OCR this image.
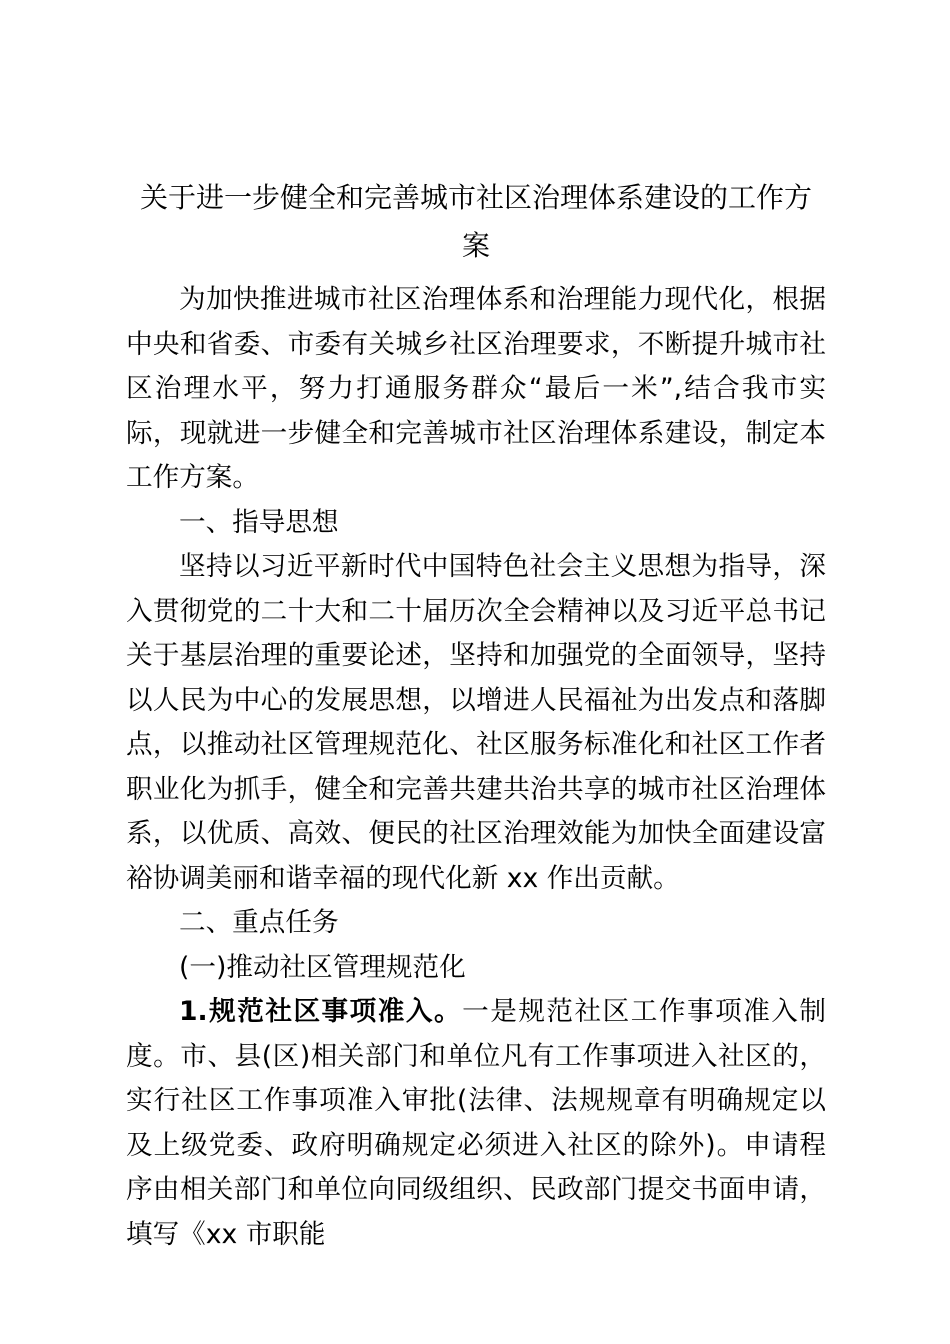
关于进一步健全和完善城市社区治理体系建设的工作方
案

为加快推进城市社区治理体系和治理能力现代化，根据中央和省委、市委有关城乡社区治理要求，不断提升城市社区治理水平，努力打通服务群众“最后一米”,结合我市实际，现就进一步健全和完善城市社区治理体系建设，制定本工作方案。

一、指导思想

坚持以习近平新时代中国特色社会主义思想为指导，深入贯彻党的二十大和二十届历次全会精神以及习近平总书记关于基层治理的重要论述，坚持和加强党的全面领导，坚持以人民为中心的发展思想，以增进人民福祉为出发点和落脚点，以推动社区管理规范化、社区服务标准化和社区工作者职业化为抓手，健全和完善共建共治共享的城市社区治理体系，以优质、高效、便民的社区治理效能为加快全面建设富裕协调美丽和谐幸福的现代化新 xx 作出贡献。

二、重点任务

(一)推动社区管理规范化

1.规范社区事项准入。一是规范社区工作事项准入制度。市、县(区)相关部门和单位凡有工作事项进入社区的，实行社区工作事项准入审批(法律、法规规章有明确规定以及上级党委、政府明确规定必须进入社区的除外)。申请程序由相关部门和单位向同级组织、民政部门提交书面申请，填写《xx 市职能
